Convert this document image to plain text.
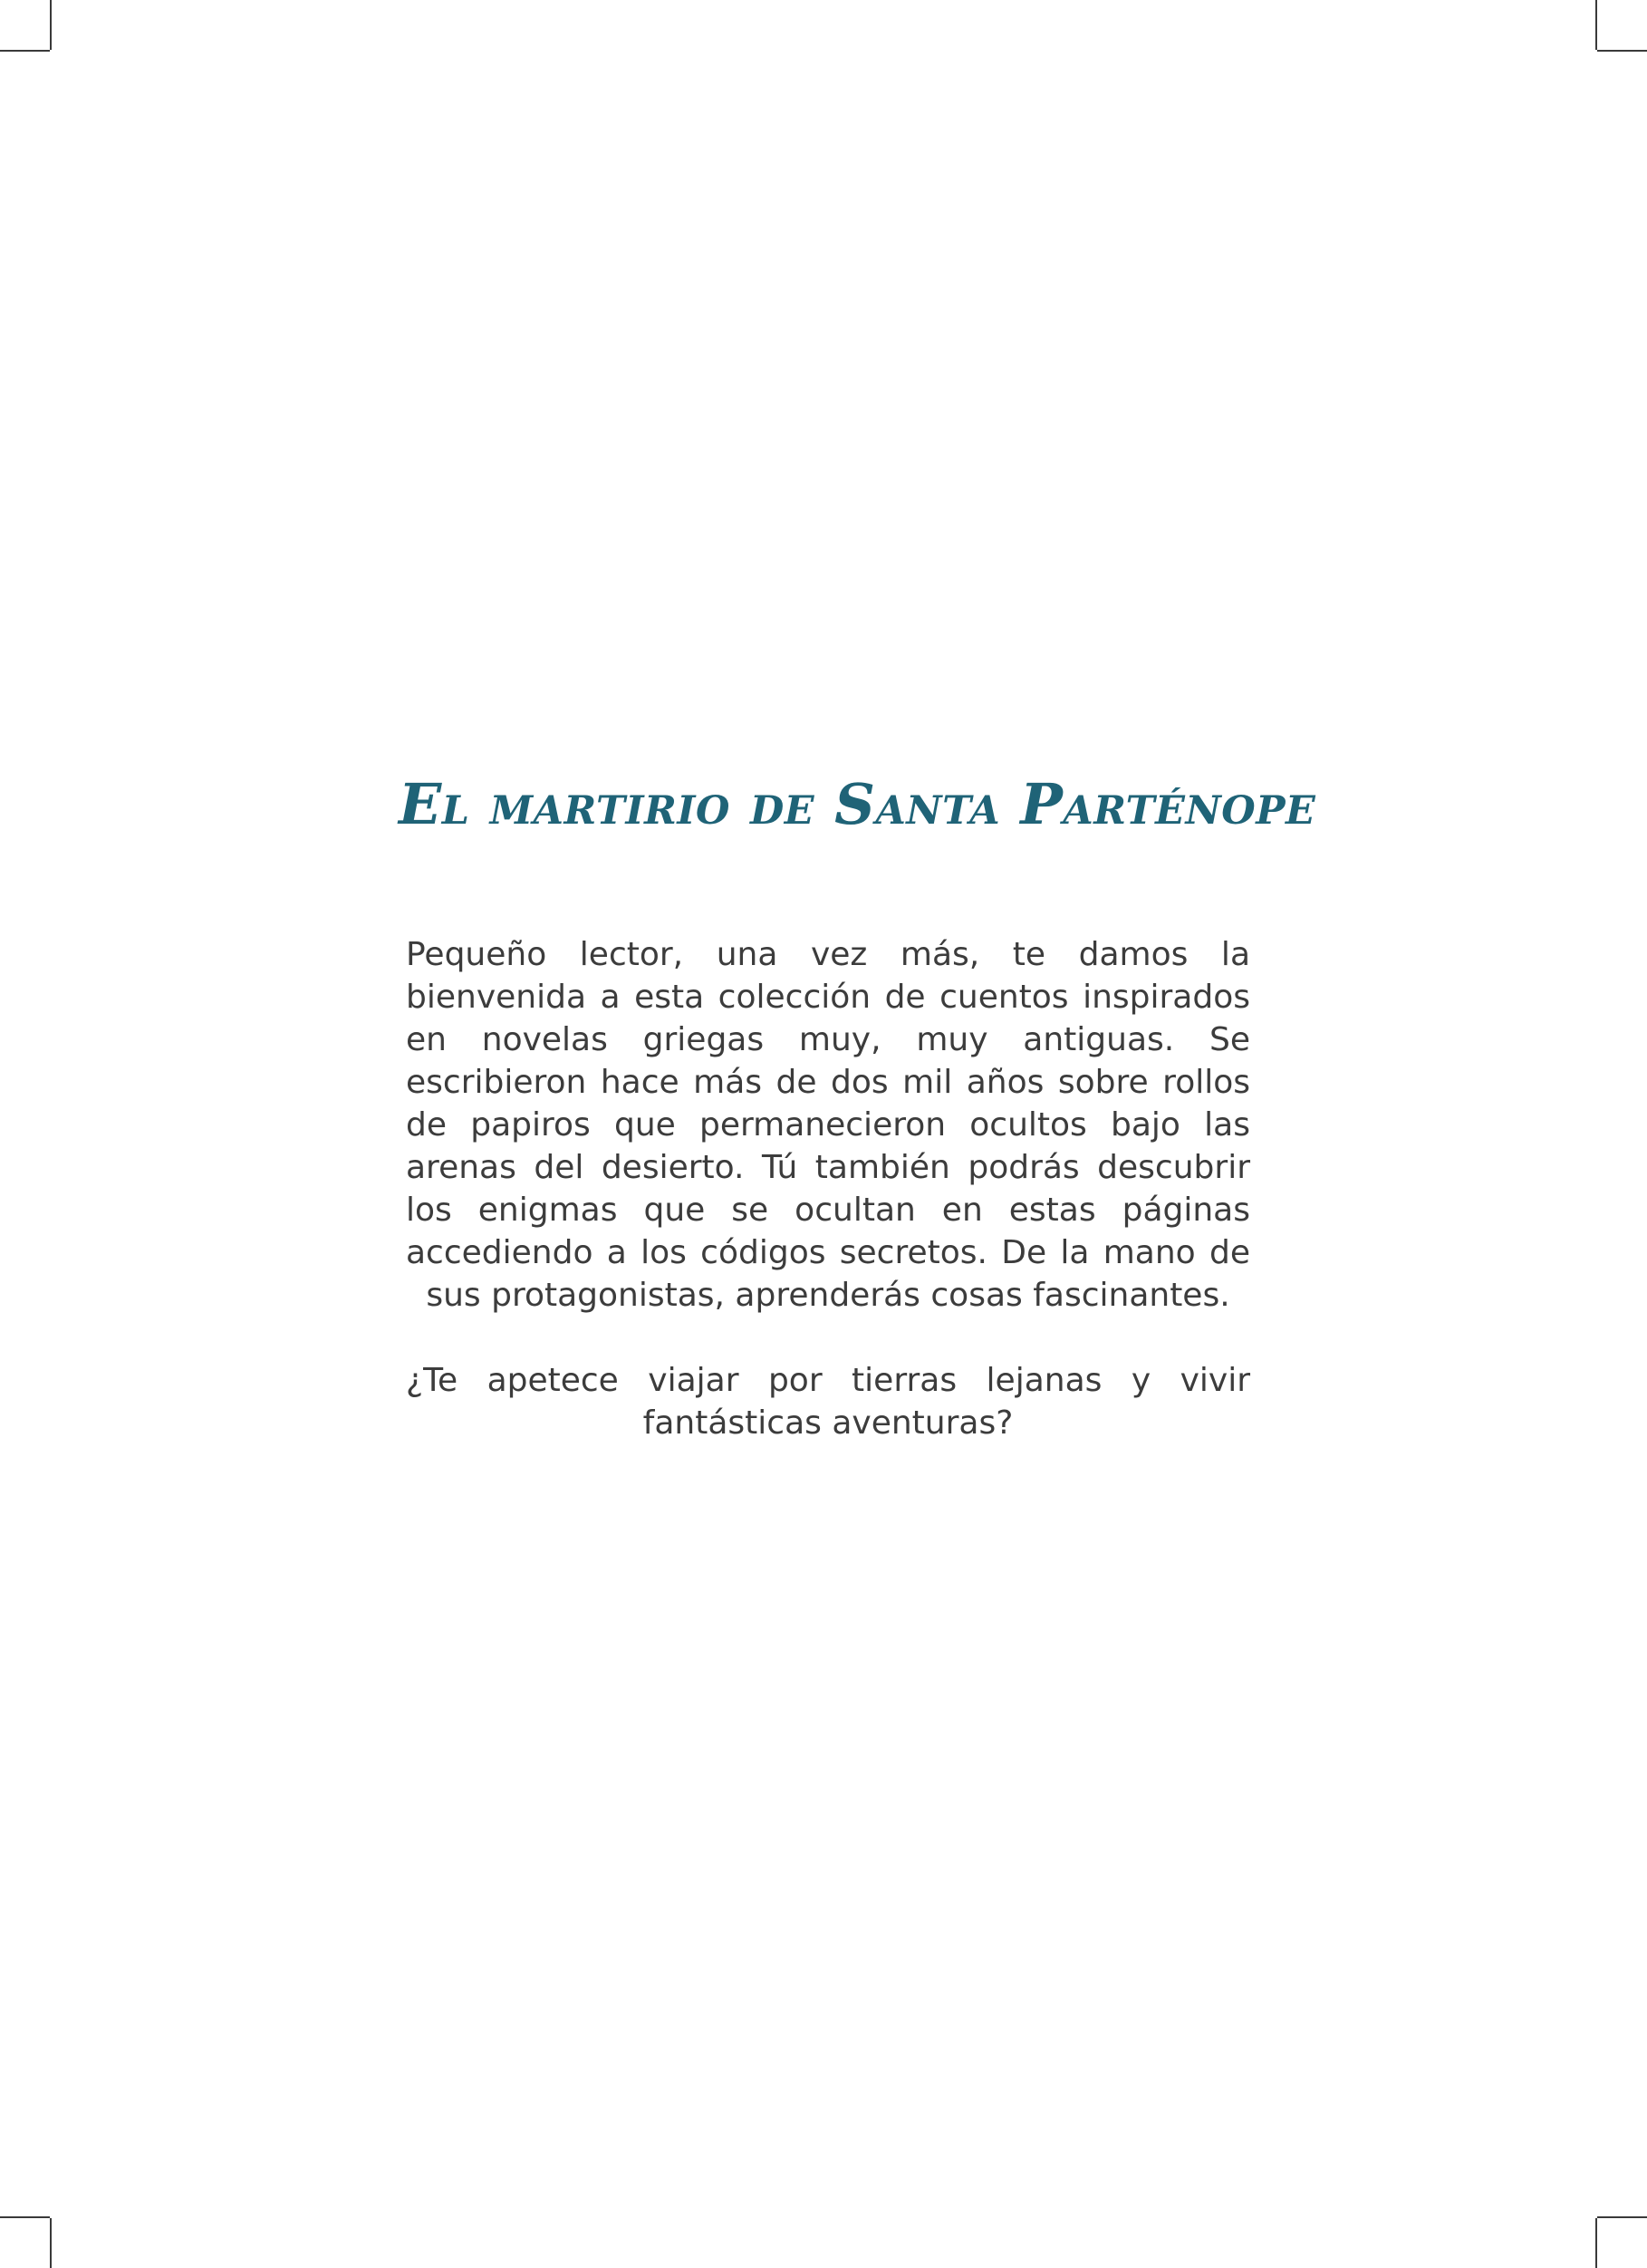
El martirio de Santa Parténope

Pequeño lector, una vez más, te damos la bienvenida a esta colección de cuentos inspirados en novelas griegas muy, muy antiguas. Se escribieron hace más de dos mil años sobre rollos de papiros que permanecieron ocultos bajo las arenas del desierto. Tú también podrás descubrir los enigmas que se ocultan en estas páginas accediendo a los códigos secretos. De la mano de sus protagonistas, aprenderás cosas fascinantes.

¿Te apetece viajar por tierras lejanas y vivir fantásticas aventuras?
